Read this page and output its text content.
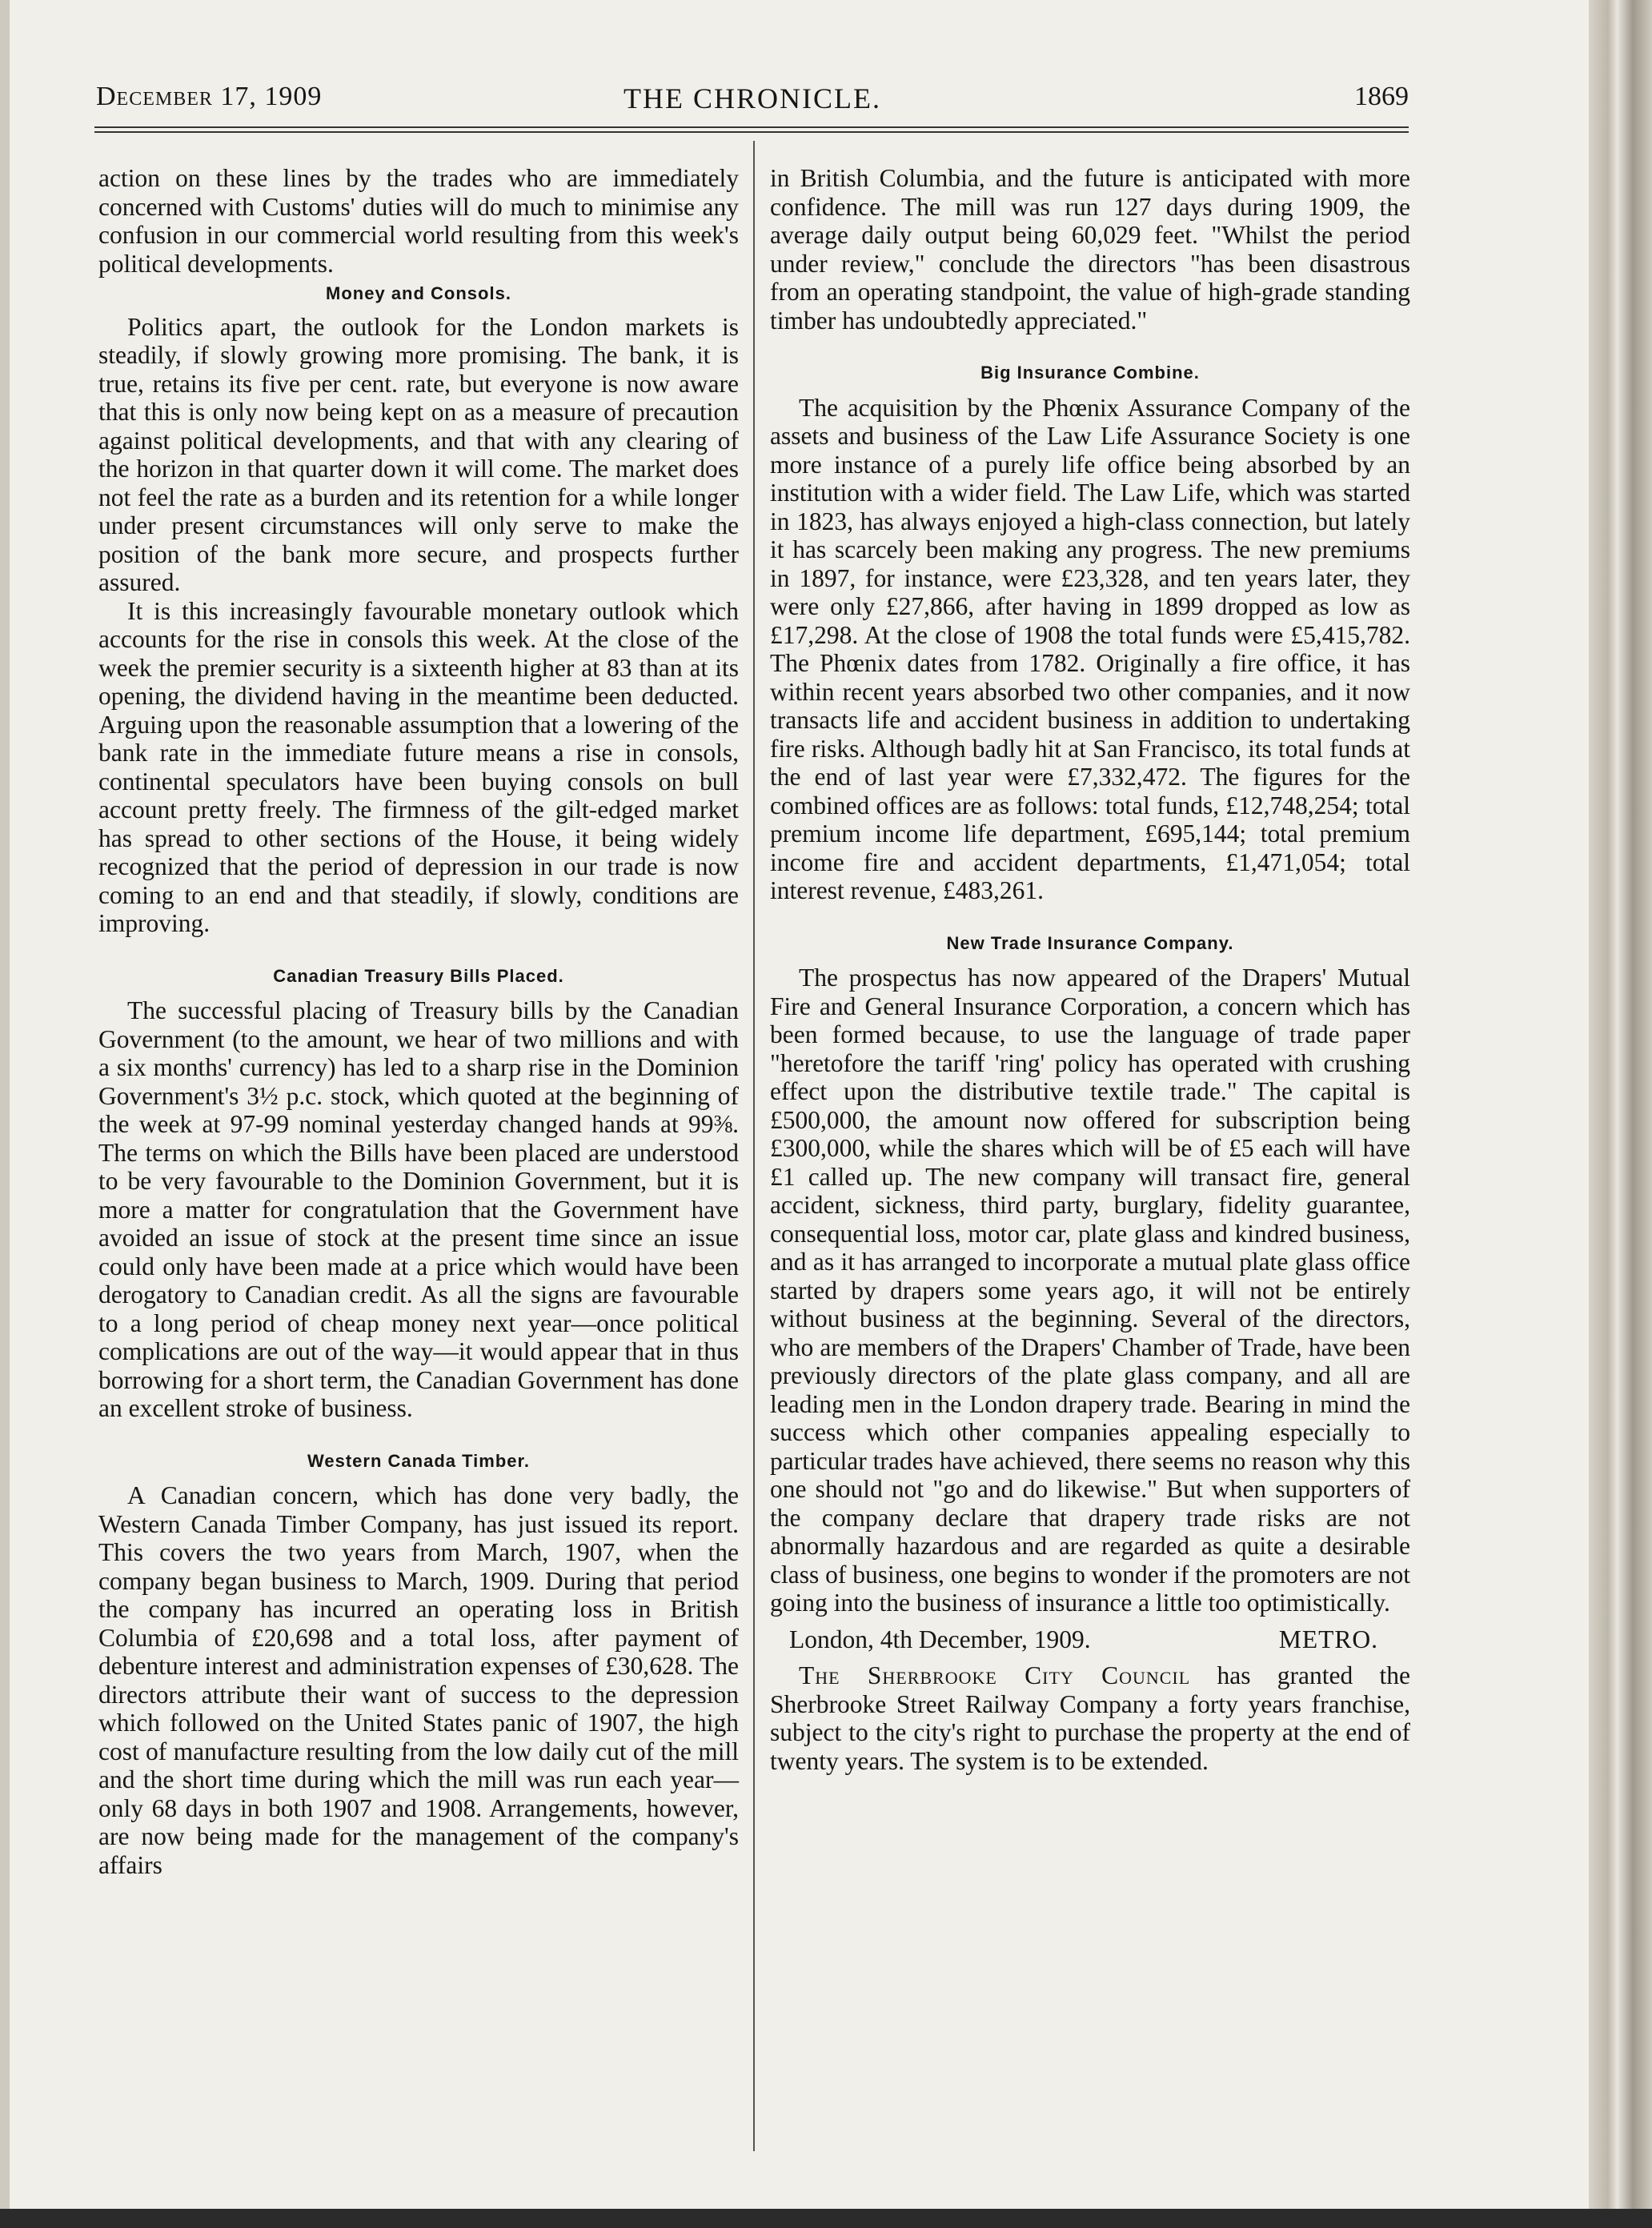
December 17, 1909	THE CHRONICLE.	1869

action on these lines by the trades who are immediately concerned with Customs' duties will do much to minimise any confusion in our commercial world resulting from this week's political developments.

Money and Consols.

Politics apart, the outlook for the London markets is steadily, if slowly growing more promising. The bank, it is true, retains its five per cent. rate, but everyone is now aware that this is only now being kept on as a measure of precaution against political developments, and that with any clearing of the horizon in that quarter down it will come. The market does not feel the rate as a burden and its retention for a while longer under present circumstances will only serve to make the position of the bank more secure, and prospects further assured.

It is this increasingly favourable monetary outlook which accounts for the rise in consols this week. At the close of the week the premier security is a sixteenth higher at 83 than at its opening, the dividend having in the meantime been deducted. Arguing upon the reasonable assumption that a lowering of the bank rate in the immediate future means a rise in consols, continental speculators have been buying consols on bull account pretty freely. The firmness of the gilt-edged market has spread to other sections of the House, it being widely recognized that the period of depression in our trade is now coming to an end and that steadily, if slowly, conditions are improving.

Canadian Treasury Bills Placed.

The successful placing of Treasury bills by the Canadian Government (to the amount, we hear of two millions and with a six months' currency) has led to a sharp rise in the Dominion Government's 3½ p.c. stock, which quoted at the beginning of the week at 97-99 nominal yesterday changed hands at 99⅜. The terms on which the Bills have been placed are understood to be very favourable to the Dominion Government, but it is more a matter for congratulation that the Government have avoided an issue of stock at the present time since an issue could only have been made at a price which would have been derogatory to Canadian credit. As all the signs are favourable to a long period of cheap money next year—once political complications are out of the way—it would appear that in thus borrowing for a short term, the Canadian Government has done an excellent stroke of business.

Western Canada Timber.

A Canadian concern, which has done very badly, the Western Canada Timber Company, has just issued its report. This covers the two years from March, 1907, when the company began business to March, 1909. During that period the company has incurred an operating loss in British Columbia of £20,698 and a total loss, after payment of debenture interest and administration expenses of £30,628. The directors attribute their want of success to the depression which followed on the United States panic of 1907, the high cost of manufacture resulting from the low daily cut of the mill and the short time during which the mill was run each year—only 68 days in both 1907 and 1908. Arrangements, however, are now being made for the management of the company's affairs

in British Columbia, and the future is anticipated with more confidence. The mill was run 127 days during 1909, the average daily output being 60,029 feet. "Whilst the period under review," conclude the directors "has been disastrous from an operating standpoint, the value of high-grade standing timber has undoubtedly appreciated."

Big Insurance Combine.

The acquisition by the Phœnix Assurance Company of the assets and business of the Law Life Assurance Society is one more instance of a purely life office being absorbed by an institution with a wider field. The Law Life, which was started in 1823, has always enjoyed a high-class connection, but lately it has scarcely been making any progress. The new premiums in 1897, for instance, were £23,328, and ten years later, they were only £27,866, after having in 1899 dropped as low as £17,298. At the close of 1908 the total funds were £5,415,782. The Phœnix dates from 1782. Originally a fire office, it has within recent years absorbed two other companies, and it now transacts life and accident business in addition to undertaking fire risks. Although badly hit at San Francisco, its total funds at the end of last year were £7,332,472. The figures for the combined offices are as follows: total funds, £12,748,254; total premium income life department, £695,144; total premium income fire and accident departments, £1,471,054; total interest revenue, £483,261.

New Trade Insurance Company.

The prospectus has now appeared of the Drapers' Mutual Fire and General Insurance Corporation, a concern which has been formed because, to use the language of trade paper "heretofore the tariff 'ring' policy has operated with crushing effect upon the distributive textile trade." The capital is £500,000, the amount now offered for subscription being £300,000, while the shares which will be of £5 each will have £1 called up. The new company will transact fire, general accident, sickness, third party, burglary, fidelity guarantee, consequential loss, motor car, plate glass and kindred business, and as it has arranged to incorporate a mutual plate glass office started by drapers some years ago, it will not be entirely without business at the beginning. Several of the directors, who are members of the Drapers' Chamber of Trade, have been previously directors of the plate glass company, and all are leading men in the London drapery trade. Bearing in mind the success which other companies appealing especially to particular trades have achieved, there seems no reason why this one should not "go and do likewise." But when supporters of the company declare that drapery trade risks are not abnormally hazardous and are regarded as quite a desirable class of business, one begins to wonder if the promoters are not going into the business of insurance a little too optimistically.

London, 4th December, 1909.	METRO.

The Sherbrooke City Council has granted the Sherbrooke Street Railway Company a forty years franchise, subject to the city's right to purchase the property at the end of twenty years. The system is to be extended.
